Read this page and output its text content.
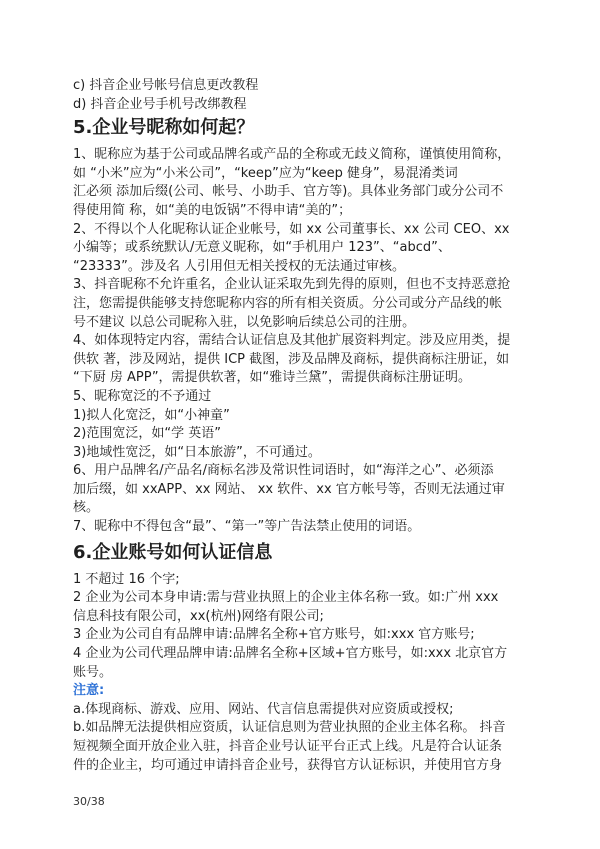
c) 抖音企业号帐号信息更改教程
d) 抖音企业号手机号改绑教程
5.企业号昵称如何起？
1、昵称应为基于公司或品牌名或产品的全称或无歧义简称，谨慎使用简称，
如 “小米”应为“小米公司”，“keep”应为“keep 健身”，易混淆类词
汇必须 添加后缀(公司、帐号、小助手、官方等)。具体业务部门或分公司不
得使用简 称，如“美的电饭锅”不得申请“美的”；
2、不得以个人化昵称认证企业帐号，如 xx 公司董事长、xx 公司 CEO、xx
小编等；或系统默认/无意义昵称，如“手机用户 123”、“abcd”、
“23333”。涉及名 人引用但无相关授权的无法通过审核。
3、抖音昵称不允许重名，企业认证采取先到先得的原则，但也不支持恶意抢
注，您需提供能够支持您昵称内容的所有相关资质。分公司或分产品线的帐
号不建议 以总公司昵称入驻，以免影响后续总公司的注册。
4、如体现特定内容，需结合认证信息及其他扩展资料判定。涉及应用类，提
供软 著，涉及网站，提供 ICP 截图，涉及品牌及商标，提供商标注册证，如
“下厨 房 APP”，需提供软著，如“雅诗兰黛”，需提供商标注册证明。
5、昵称宽泛的不予通过
1)拟人化宽泛，如“小神童”
2)范围宽泛，如“学 英语”
3)地域性宽泛，如“日本旅游”，不可通过。
6、用户品牌名/产品名/商标名涉及常识性词语时，如“海洋之心”、必须添
加后缀，如 xxAPP、xx 网站、 xx 软件、xx 官方帐号等，否则无法通过审
核。
7、昵称中不得包含“最”、“第一”等广告法禁止使用的词语。
6.企业账号如何认证信息
1 不超过 16 个字;
2 企业为公司本身申请:需与营业执照上的企业主体名称一致。如:广州 xxx
信息科技有限公司，xx(杭州)网络有限公司;
3 企业为公司自有品牌申请:品牌名全称+官方账号，如:xxx 官方账号;
4 企业为公司代理品牌申请:品牌名全称+区域+官方账号，如:xxx 北京官方
账号。
注意:
a.体现商标、游戏、应用、网站、代言信息需提供对应资质或授权;
b.如品牌无法提供相应资质，认证信息则为营业执照的企业主体名称。 抖音
短视频全面开放企业入驻，抖音企业号认证平台正式上线。凡是符合认证条
件的企业主，均可通过申请抖音企业号，获得官方认证标识，并使用官方身
30/38
